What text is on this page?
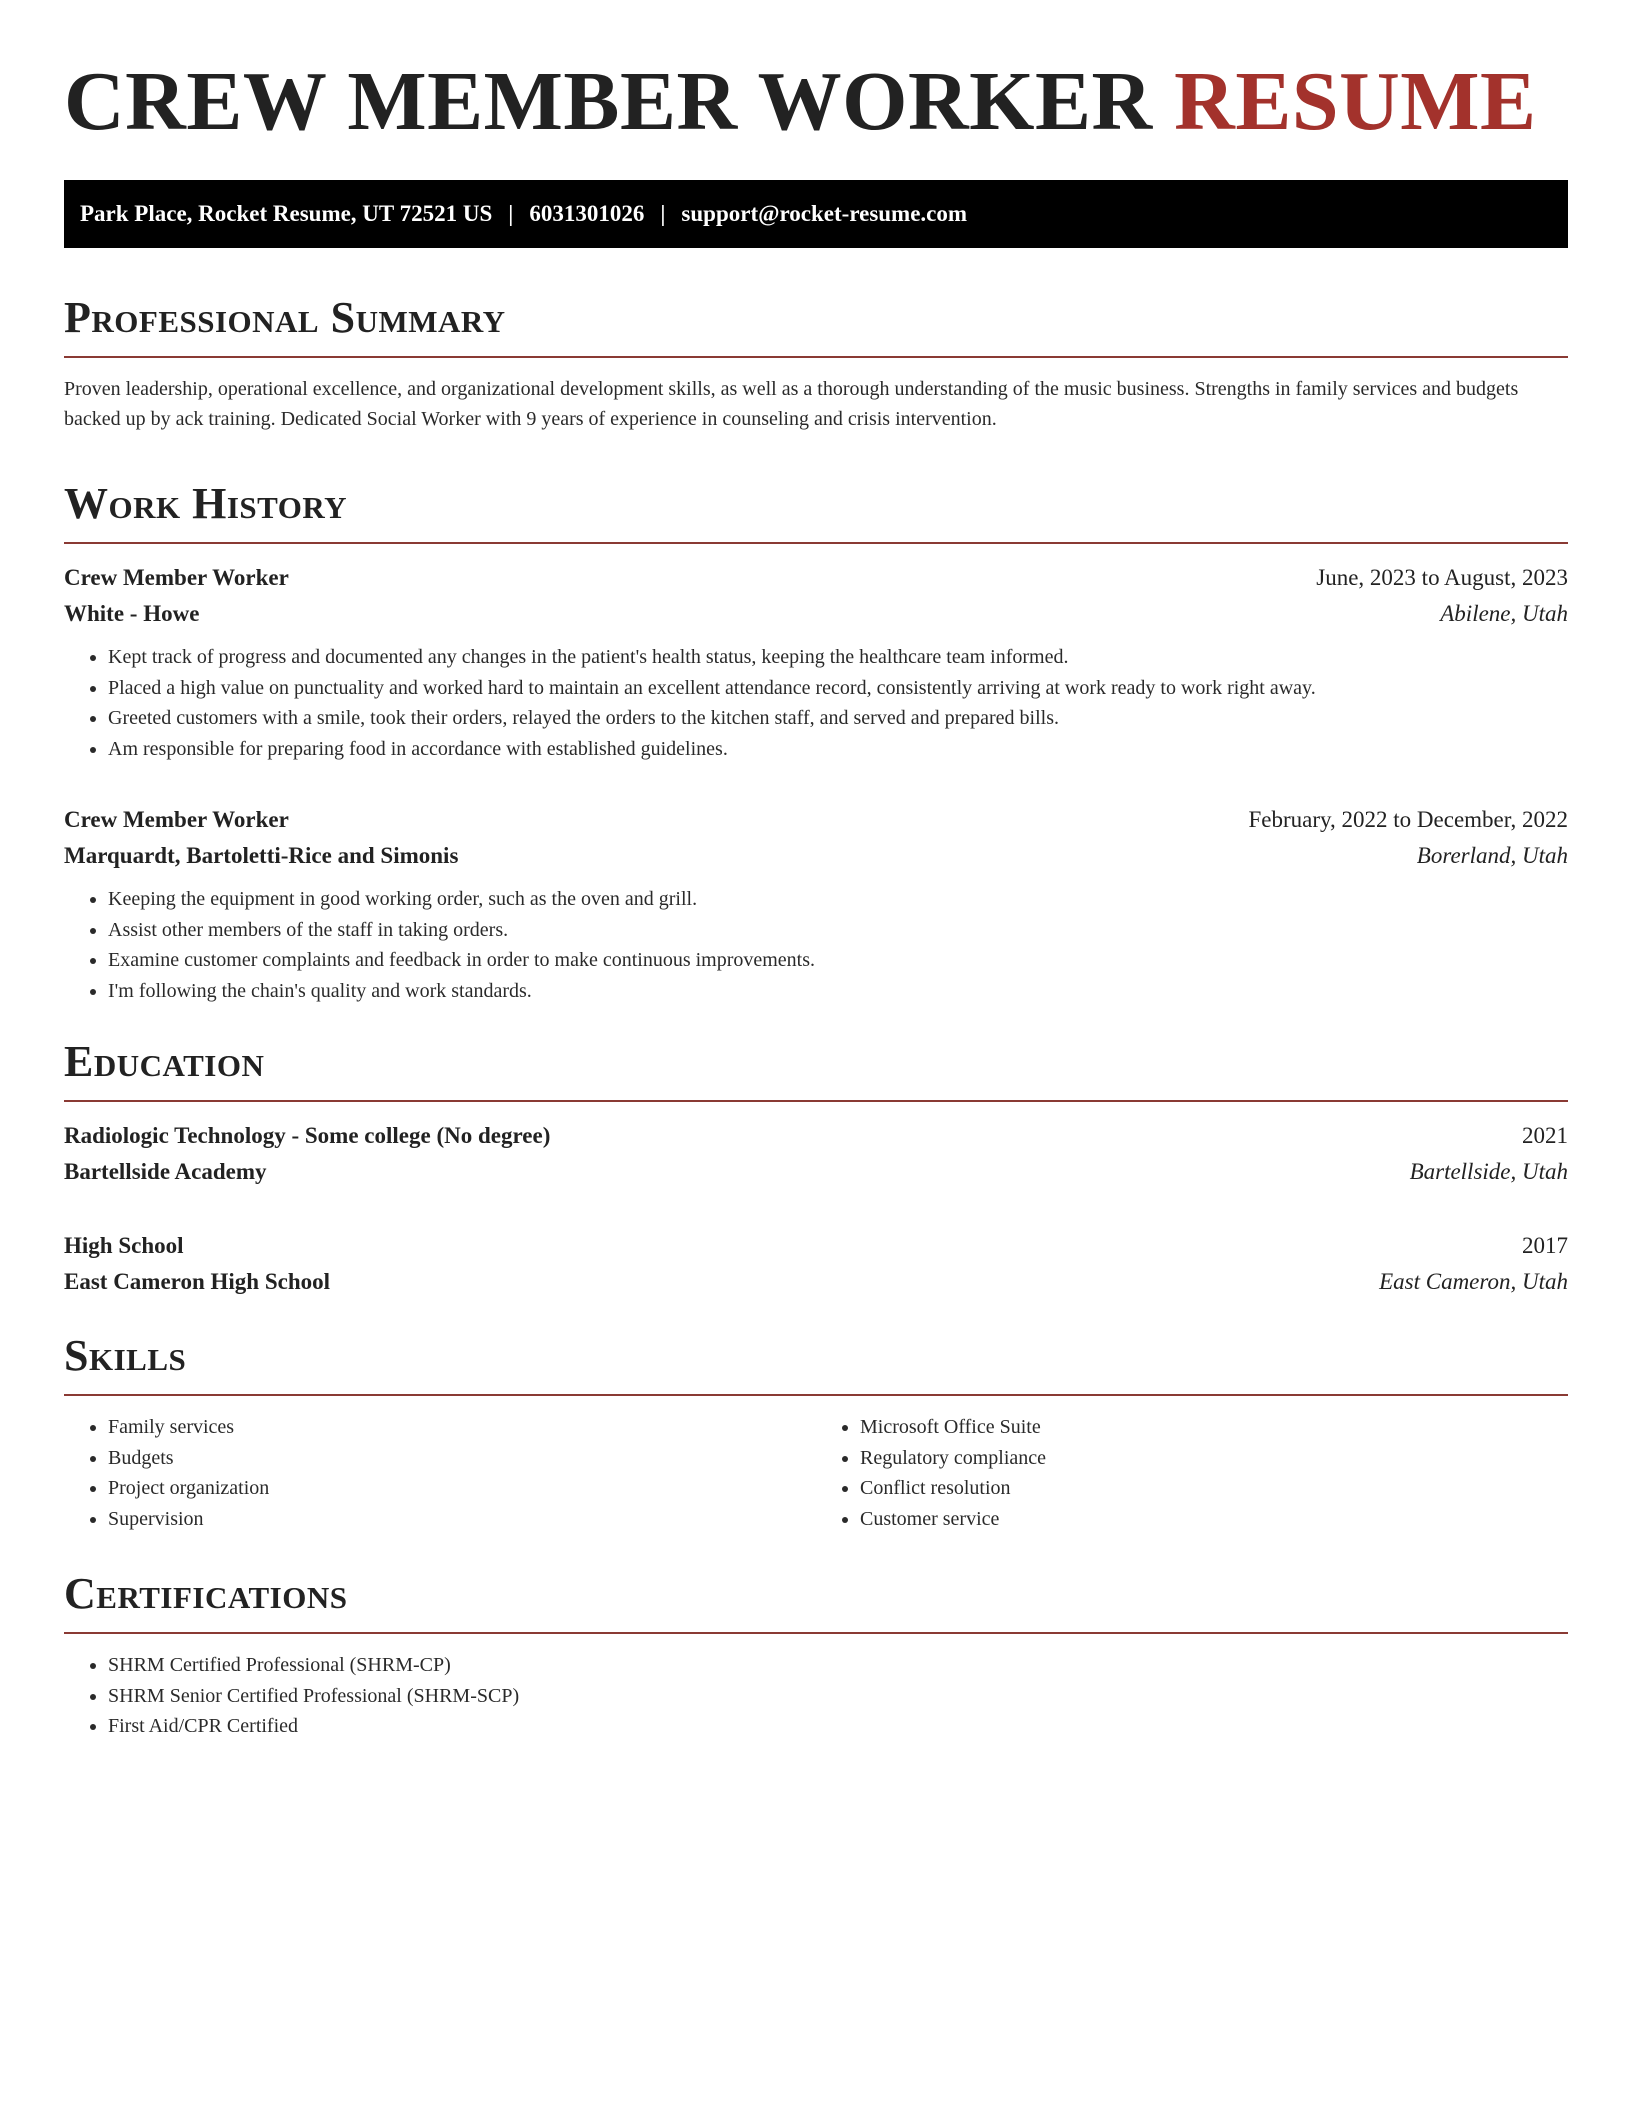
CREW MEMBER WORKER RESUME
Park Place, Rocket Resume, UT 72521 US | 6031301026 | support@rocket-resume.com
Professional Summary

Proven leadership, operational excellence, and organizational development skills, as well as a thorough understanding of the music business. Strengths in family services and budgets backed up by ack training. Dedicated Social Worker with 9 years of experience in counseling and crisis intervention.

Work History
Crew Member Worker	June, 2023 to August, 2023
White - Howe	Abilene, Utah
• Kept track of progress and documented any changes in the patient's health status, keeping the healthcare team informed.
• Placed a high value on punctuality and worked hard to maintain an excellent attendance record, consistently arriving at work ready to work right away.
• Greeted customers with a smile, took their orders, relayed the orders to the kitchen staff, and served and prepared bills.
• Am responsible for preparing food in accordance with established guidelines.
Crew Member Worker	February, 2022 to December, 2022
Marquardt, Bartoletti-Rice and Simonis	Borerland, Utah
• Keeping the equipment in good working order, such as the oven and grill.
• Assist other members of the staff in taking orders.
• Examine customer complaints and feedback in order to make continuous improvements.
• I'm following the chain's quality and work standards.
Education
Radiologic Technology - Some college (No degree)	2021
Bartellside Academy	Bartellside, Utah
High School	2017
East Cameron High School	East Cameron, Utah
Skills
• Family services
• Budgets
• Project organization
• Supervision
• Microsoft Office Suite
• Regulatory compliance
• Conflict resolution
• Customer service
Certifications
• SHRM Certified Professional (SHRM-CP)
• SHRM Senior Certified Professional (SHRM-SCP)
• First Aid/CPR Certified
